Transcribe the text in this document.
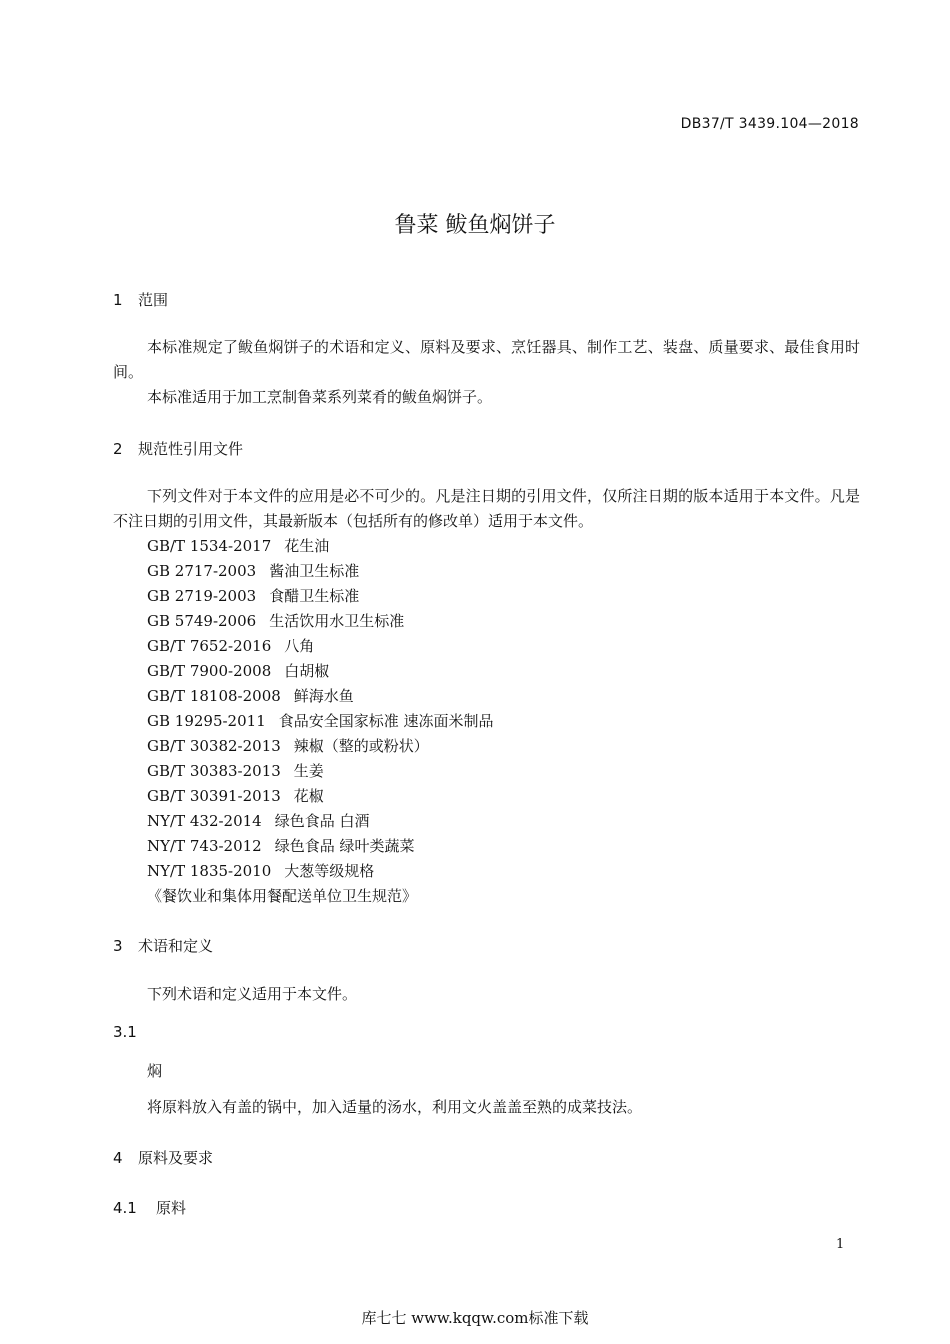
DB37/T 3439.104—2018
鲁菜 鲅鱼焖饼子
1 范围

本标准规定了鲅鱼焖饼子的术语和定义、原料及要求、烹饪器具、制作工艺、装盘、质量要求、最佳食用时间。

本标准适用于加工烹制鲁菜系列菜肴的鲅鱼焖饼子。

2 规范性引用文件

下列文件对于本文件的应用是必不可少的。凡是注日期的引用文件，仅所注日期的版本适用于本文件。凡是不注日期的引用文件，其最新版本（包括所有的修改单）适用于本文件。

GB/T 1534-2017 花生油
GB 2717-2003 酱油卫生标准
GB 2719-2003 食醋卫生标准
GB 5749-2006 生活饮用水卫生标准
GB/T 7652-2016 八角
GB/T 7900-2008 白胡椒
GB/T 18108-2008 鲜海水鱼
GB 19295-2011 食品安全国家标准 速冻面米制品
GB/T 30382-2013 辣椒（整的或粉状）
GB/T 30383-2013 生姜
GB/T 30391-2013 花椒
NY/T 432-2014 绿色食品 白酒
NY/T 743-2012 绿色食品 绿叶类蔬菜
NY/T 1835-2010 大葱等级规格
《餐饮业和集体用餐配送单位卫生规范》
3 术语和定义

下列术语和定义适用于本文件。

3.1
焖

将原料放入有盖的锅中，加入适量的汤水，利用文火盖盖至熟的成菜技法。

4 原料及要求
4.1 原料
1
库七七 www.kqqw.com标准下载
